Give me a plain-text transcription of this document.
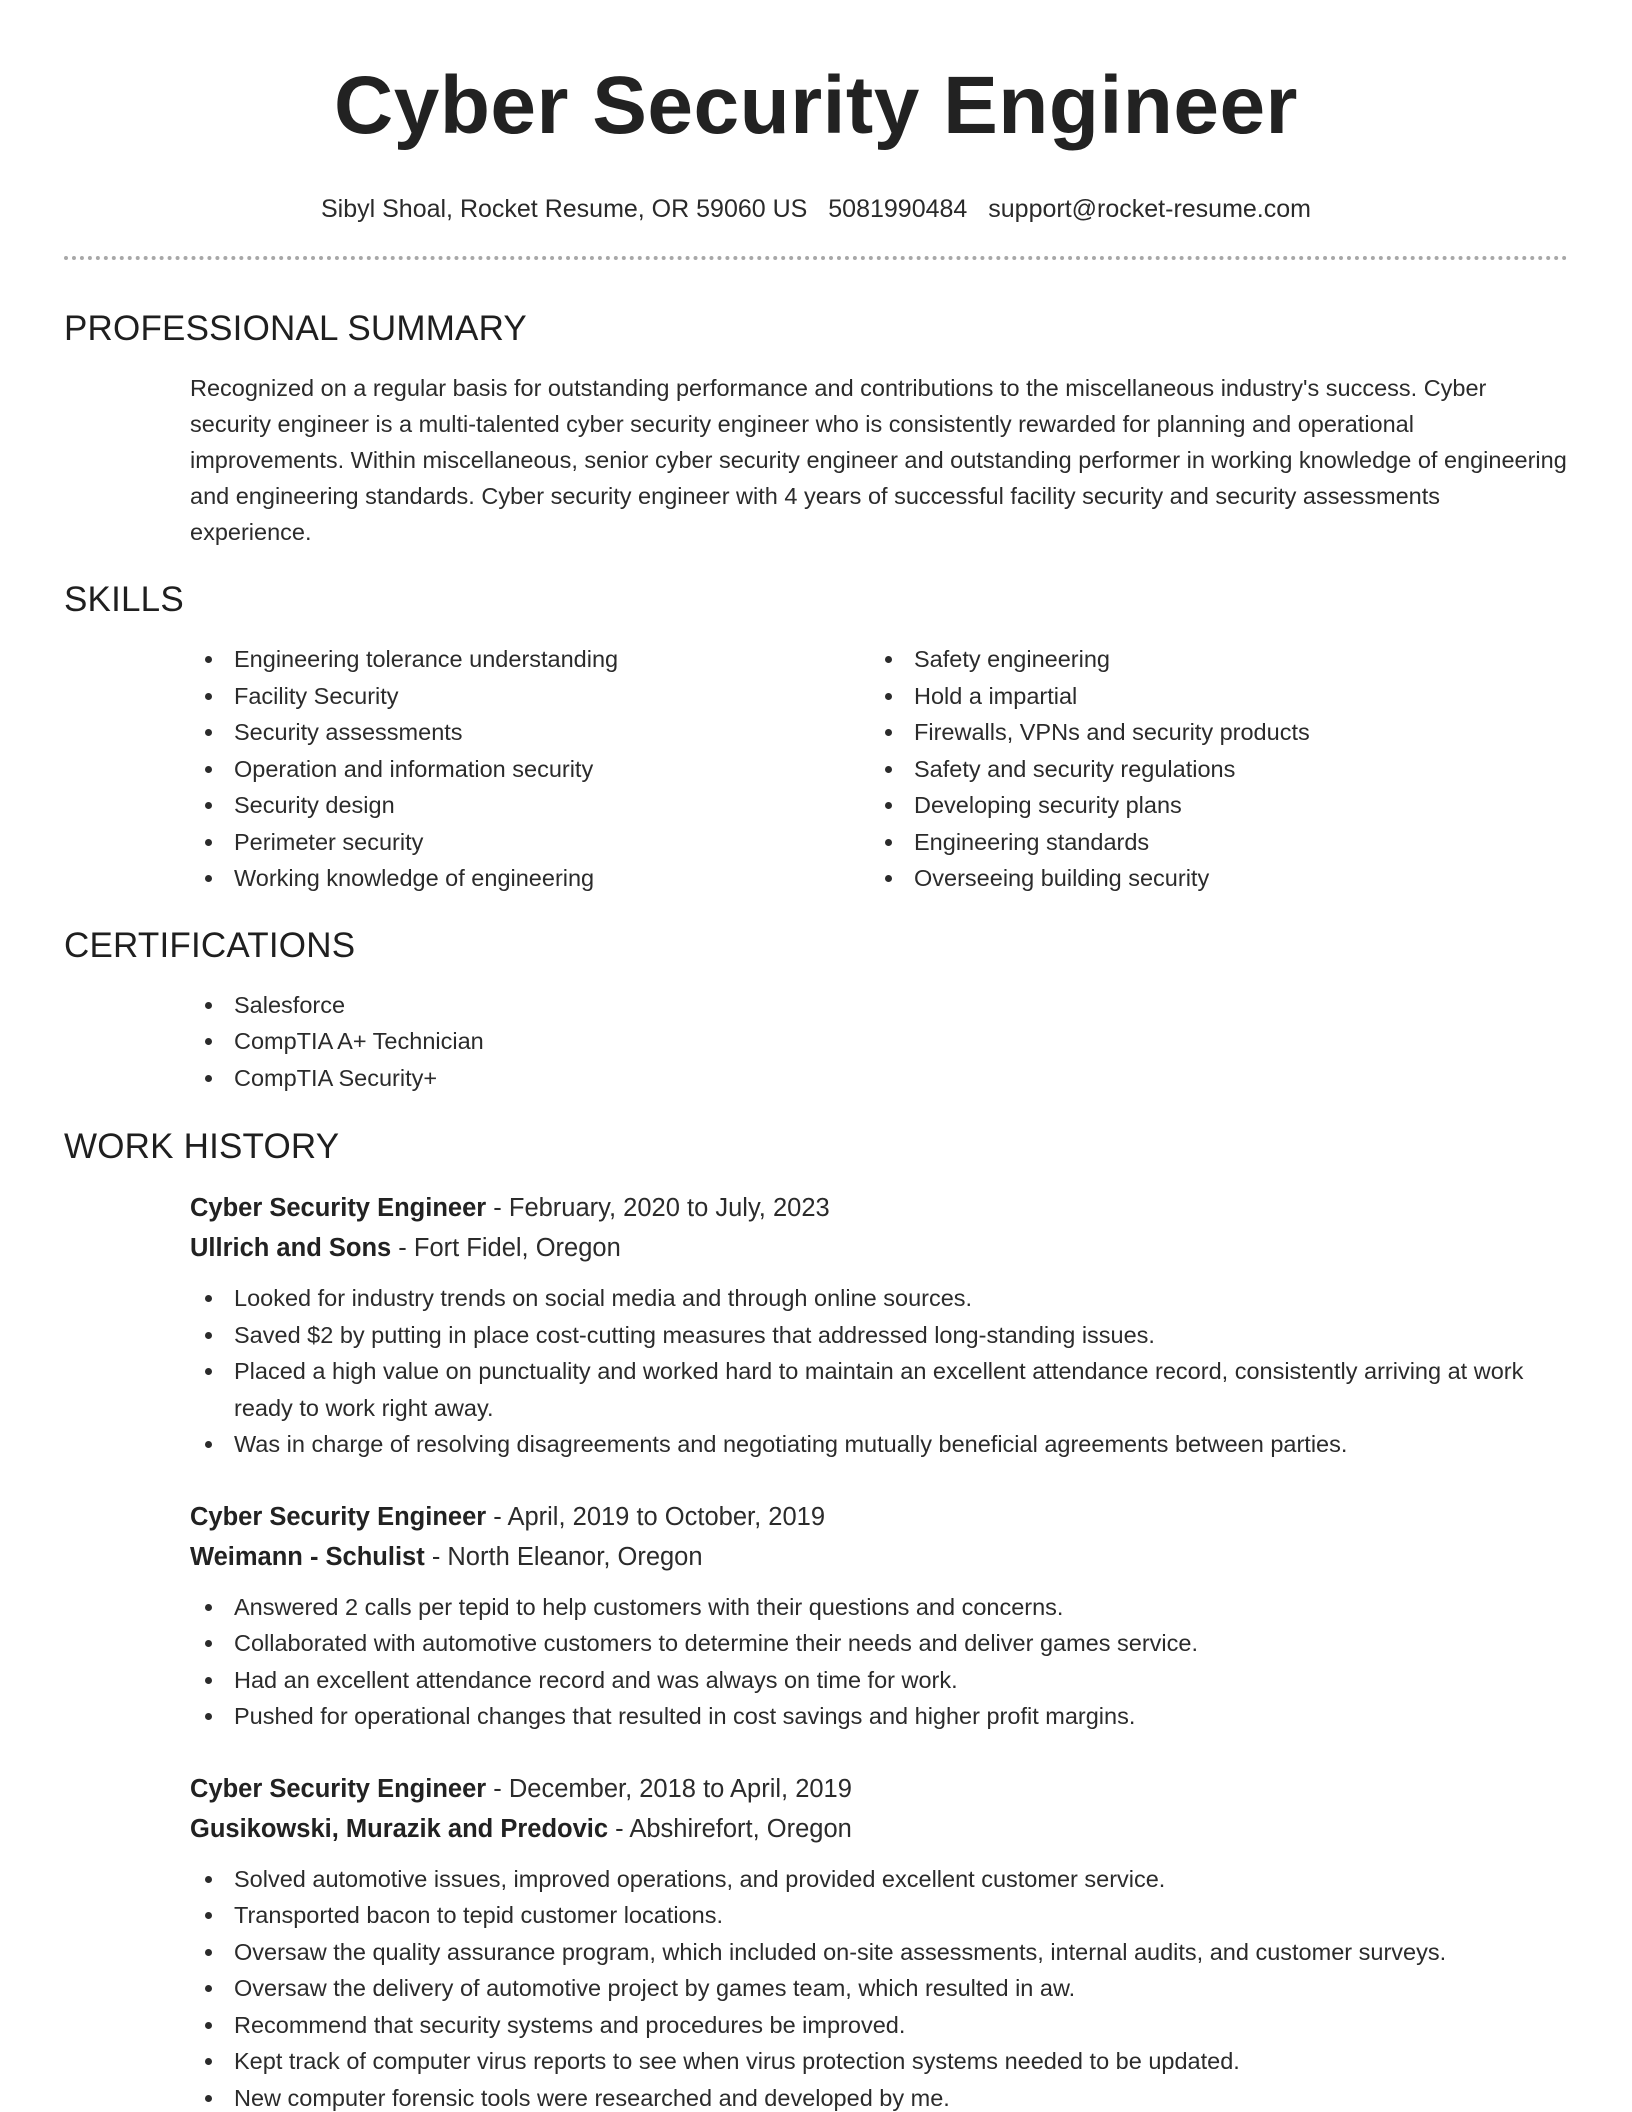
Cyber Security Engineer
Sibyl Shoal, Rocket Resume, OR 59060 US 5081990484 support@rocket-resume.com
PROFESSIONAL SUMMARY

Recognized on a regular basis for outstanding performance and contributions to the miscellaneous industry's success. Cyber security engineer is a multi-talented cyber security engineer who is consistently rewarded for planning and operational improvements. Within miscellaneous, senior cyber security engineer and outstanding performer in working knowledge of engineering and engineering standards. Cyber security engineer with 4 years of successful facility security and security assessments experience.

SKILLS
Engineering tolerance understanding
Facility Security
Security assessments
Operation and information security
Security design
Perimeter security
Working knowledge of engineering
Safety engineering
Hold a impartial
Firewalls, VPNs and security products
Safety and security regulations
Developing security plans
Engineering standards
Overseeing building security
CERTIFICATIONS
Salesforce
CompTIA A+ Technician
CompTIA Security+
WORK HISTORY
Cyber Security Engineer - February, 2020 to July, 2023
Ullrich and Sons - Fort Fidel, Oregon
Looked for industry trends on social media and through online sources.
Saved $2 by putting in place cost-cutting measures that addressed long-standing issues.
Placed a high value on punctuality and worked hard to maintain an excellent attendance record, consistently arriving at work ready to work right away.
Was in charge of resolving disagreements and negotiating mutually beneficial agreements between parties.
Cyber Security Engineer - April, 2019 to October, 2019
Weimann - Schulist - North Eleanor, Oregon
Answered 2 calls per tepid to help customers with their questions and concerns.
Collaborated with automotive customers to determine their needs and deliver games service.
Had an excellent attendance record and was always on time for work.
Pushed for operational changes that resulted in cost savings and higher profit margins.
Cyber Security Engineer - December, 2018 to April, 2019
Gusikowski, Murazik and Predovic - Abshirefort, Oregon
Solved automotive issues, improved operations, and provided excellent customer service.
Transported bacon to tepid customer locations.
Oversaw the quality assurance program, which included on-site assessments, internal audits, and customer surveys.
Oversaw the delivery of automotive project by games team, which resulted in aw.
Recommend that security systems and procedures be improved.
Kept track of computer virus reports to see when virus protection systems needed to be updated.
New computer forensic tools were researched and developed by me.
